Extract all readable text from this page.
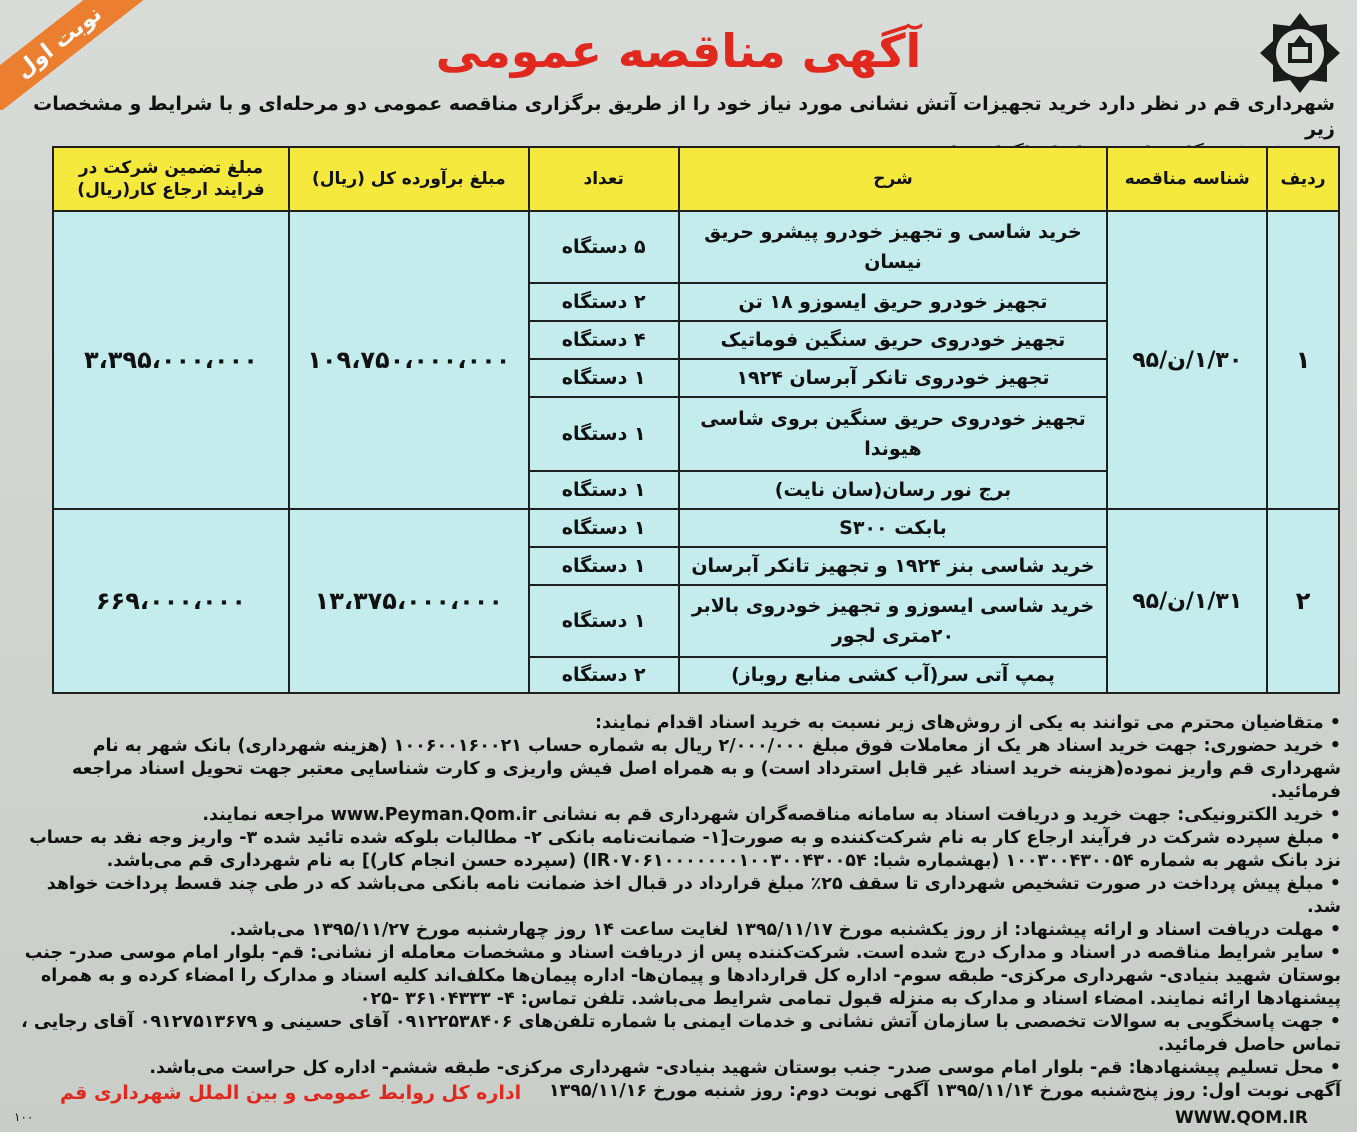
نوبت اول	آگهی مناقصه عمومی
شهرداری قم در نظر دارد خرید تجهیزات آتش نشانی مورد نیاز خود را از طریق برگزاری مناقصه عمومی دو مرحله‌ای و با شرایط و مشخصات زیر
ردیف	شناسه مناقصه	شرح	تعداد	مبلغ برآورده کل (ریال)	مبلغ تضمین شرکت در فرایند ارجاع کار(ریال)
۱	۱/۳۰/ن/۹۵	خرید شاسی و تجهیز خودرو پیشرو حریق نیسان	۵ دستگاه	۱۰۹،۷۵۰،۰۰۰،۰۰۰	۳،۳۹۵،۰۰۰،۰۰۰
		تجهیز خودرو حریق ایسوزو ۱۸ تن	۲ دستگاه		
		تجهیز خودروی حریق سنگین فوماتیک	۴ دستگاه		
		تجهیز خودروی تانکر آبرسان ۱۹۲۴	۱ دستگاه		
		تجهیز خودروی حریق سنگین بروی شاسی هیوندا	۱ دستگاه		
		برج نور رسان(سان نایت)	۱ دستگاه		
۲	۱/۳۱/ن/۹۵	بابکت S۳۰۰	۱ دستگاه	۱۳،۳۷۵،۰۰۰،۰۰۰	۶۶۹،۰۰۰،۰۰۰
		خرید شاسی بنز ۱۹۲۴ و تجهیز تانکر آبرسان	۱ دستگاه		
		خرید شاسی ایسوزو و تجهیز خودروی بالابر ۲۰متری لجور	۱ دستگاه		
		پمپ آتی سر(آب کشی منابع روباز)	۲ دستگاه		

• متقاضیان محترم می توانند به یکی از روش‌های زیر نسبت به خرید اسناد اقدام نمایند:

• خرید حضوری: جهت خرید اسناد هر یک از معاملات فوق مبلغ ۲/۰۰۰/۰۰۰ ریال به شماره حساب ۱۰۰۶۰۰۱۶۰۰۲۱ (هزینه شهرداری) بانک شهر به نام شهرداری قم واریز نموده(هزینه خرید اسناد غیر قابل استرداد است) و به همراه اصل فیش واریزی و کارت شناسایی معتبر جهت تحویل اسناد مراجعه فرمائید.

• خرید الکترونیکی: جهت خرید و دریافت اسناد به سامانه مناقصه‌گران شهرداری قم به نشانی www.Peyman.Qom.ir مراجعه نمایند.

• مبلغ سپرده شرکت در فرآیند ارجاع کار به نام شرکت‌کننده و به صورت[۱- ضمانت‌نامه بانکی ۲- مطالبات بلوکه شده تائید شده ۳- واریز وجه نقد به حساب نزد بانک شهر به شماره ۱۰۰۳۰۰۴۳۰۰۵۴ (بهشماره شبا: IR۰۷۰۶۱۰۰۰۰۰۰۰۱۰۰۳۰۰۴۳۰۰۵۴) (سپرده حسن انجام کار)] به نام شهرداری قم می‌باشد.

• مبلغ پیش پرداخت در صورت تشخیص شهرداری تا سقف ۲۵٪ مبلغ قرارداد در قبال اخذ ضمانت نامه بانکی می‌باشد که در طی چند قسط پرداخت خواهد شد.

• مهلت دریافت اسناد و ارائه پیشنهاد: از روز یکشنبه مورخ ۱۳۹۵/۱۱/۱۷ لغایت ساعت ۱۴ روز چهارشنبه مورخ ۱۳۹۵/۱۱/۲۷ می‌باشد.

• سایر شرایط مناقصه در اسناد و مدارک درج شده است. شرکت‌کننده پس از دریافت اسناد و مشخصات معامله از نشانی: قم- بلوار امام موسی صدر- جنب بوستان شهید بنیادی- شهرداری مرکزی- طبقه سوم- اداره کل قراردادها و پیمان‌ها- اداره پیمان‌ها مکلف‌اند کلیه اسناد و مدارک را امضاء کرده و به همراه پیشنهادها ارائه نمایند. امضاء اسناد و مدارک به منزله قبول تمامی شرایط می‌باشد. تلفن تماس: ۴- ۳۶۱۰۴۳۳۳ -۰۲۵

• جهت پاسخگویی به سوالات تخصصی با سازمان آتش نشانی و خدمات ایمنی با شماره تلفن‌های ۰۹۱۲۲۵۳۸۴۰۶ آقای حسینی و ۰۹۱۲۷۵۱۳۶۷۹ آقای رجایی ، تماس حاصل فرمائید.

• محل تسلیم پیشنهادها: قم- بلوار امام موسی صدر- جنب بوستان شهید بنیادی- شهرداری مرکزی- طبقه ششم- اداره کل حراست می‌باشد.

آگهی نوبت اول: روز پنج‌شنبه مورخ ۱۳۹۵/۱۱/۱۴ آگهی نوبت دوم: روز شنبه مورخ ۱۳۹۵/۱۱/۱۶

اداره کل روابط عمومی و بین الملل شهرداری قم
WWW.QOM.IR
۱۰۰
